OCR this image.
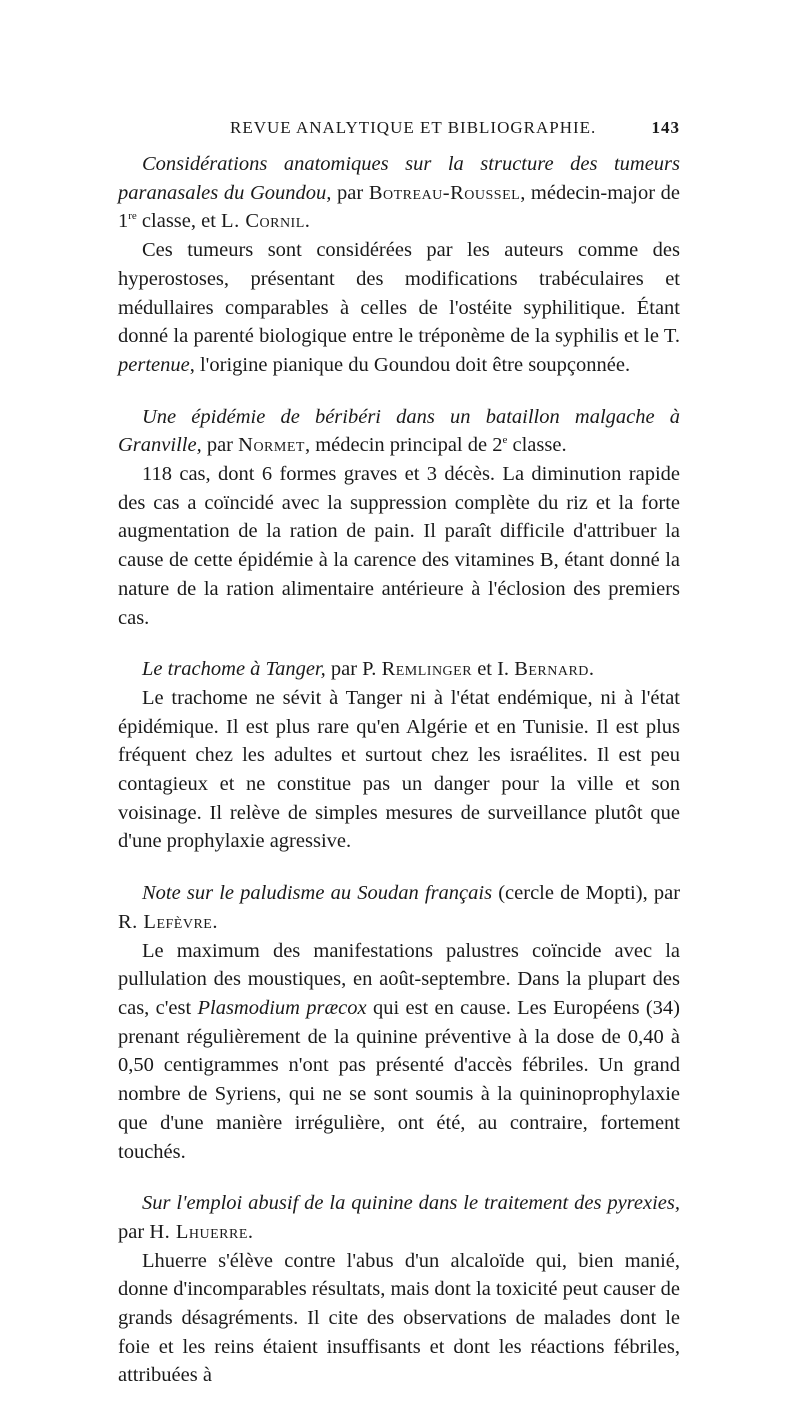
REVUE ANALYTIQUE ET BIBLIOGRAPHIE.	143

Considérations anatomiques sur la structure des tumeurs paranasales du Goundou, par Botreau-Roussel, médecin-major de 1re classe, et L. Cornil.

Ces tumeurs sont considérées par les auteurs comme des hyperostoses, présentant des modifications trabéculaires et médullaires comparables à celles de l'ostéite syphilitique. Étant donné la parenté biologique entre le tréponème de la syphilis et le T. pertenue, l'origine pianique du Goundou doit être soupçonnée.

Une épidémie de béribéri dans un bataillon malgache à Granville, par Normet, médecin principal de 2e classe.

118 cas, dont 6 formes graves et 3 décès. La diminution rapide des cas a coïncidé avec la suppression complète du riz et la forte augmentation de la ration de pain. Il paraît difficile d'attribuer la cause de cette épidémie à la carence des vitamines B, étant donné la nature de la ration alimentaire antérieure à l'éclosion des premiers cas.

Le trachome à Tanger, par P. Remlinger et I. Bernard.

Le trachome ne sévit à Tanger ni à l'état endémique, ni à l'état épidémique. Il est plus rare qu'en Algérie et en Tunisie. Il est plus fréquent chez les adultes et surtout chez les israélites. Il est peu contagieux et ne constitue pas un danger pour la ville et son voisinage. Il relève de simples mesures de surveillance plutôt que d'une prophylaxie agressive.

Note sur le paludisme au Soudan français (cercle de Mopti), par R. Lefèvre.

Le maximum des manifestations palustres coïncide avec la pullulation des moustiques, en août-septembre. Dans la plupart des cas, c'est Plasmodium præcox qui est en cause. Les Européens (34) prenant régulièrement de la quinine préventive à la dose de 0,40 à 0,50 centigrammes n'ont pas présenté d'accès fébriles. Un grand nombre de Syriens, qui ne se sont soumis à la quininoprophylaxie que d'une manière irrégulière, ont été, au contraire, fortement touchés.

Sur l'emploi abusif de la quinine dans le traitement des pyrexies, par H. Lhuerre.

Lhuerre s'élève contre l'abus d'un alcaloïde qui, bien manié, donne d'incomparables résultats, mais dont la toxicité peut causer de grands désagréments. Il cite des observations de malades dont le foie et les reins étaient insuffisants et dont les réactions fébriles, attribuées à
